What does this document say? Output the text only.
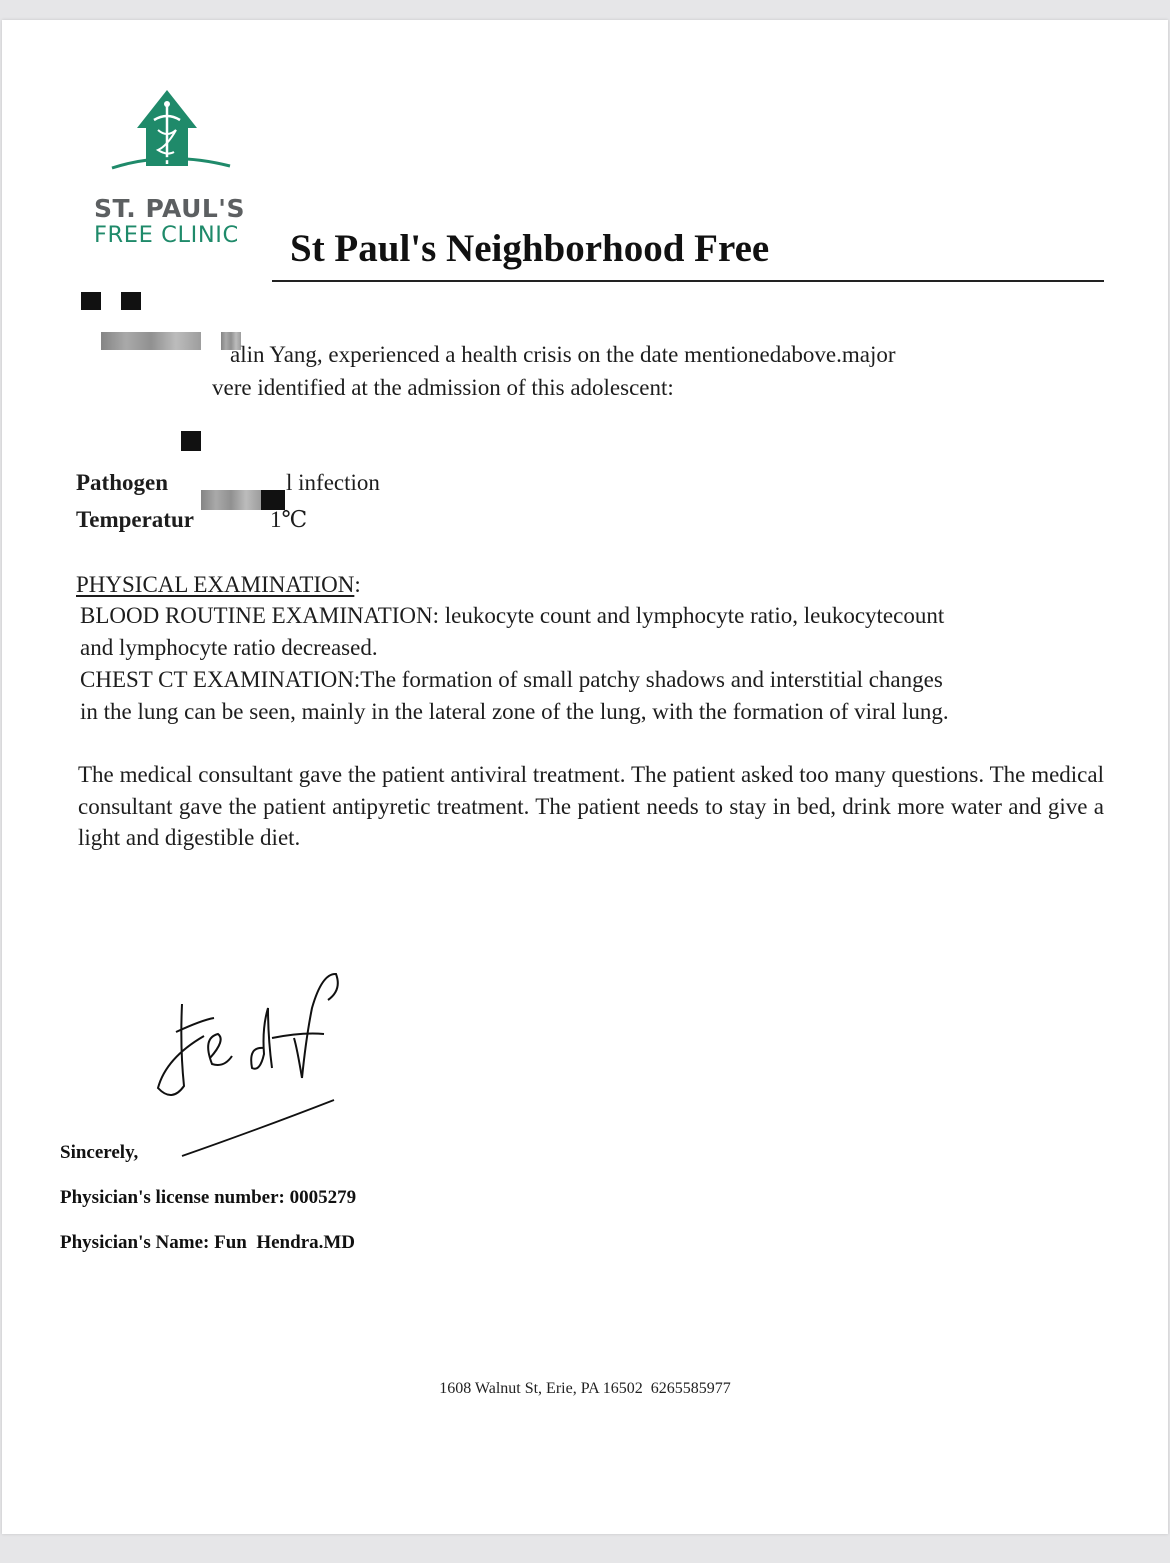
ST. PAUL'S
FREE CLINIC	St Paul's Neighborhood Free
alin Yang, experienced a health crisis on the date mentionedabove.major
vere identified at the admission of this adolescent:
Pathogen	l infection
Temperatur	1℃
PHYSICAL EXAMINATION:
BLOOD ROUTINE EXAMINATION: leukocyte count and lymphocyte ratio, leukocytecount
and lymphocyte ratio decreased.
CHEST CT EXAMINATION:The formation of small patchy shadows and interstitial changes
in the lung can be seen, mainly in the lateral zone of the lung, with the formation of viral lung.
The medical consultant gave the patient antiviral treatment. The patient asked too many questions. The medical consultant gave the patient antipyretic treatment. The patient needs to stay in bed, drink more water and give a light and digestible diet.
Sincerely,
Physician's license number: 0005279
Physician's Name: Fun  Hendra.MD
1608 Walnut St, Erie, PA 16502  6265585977
